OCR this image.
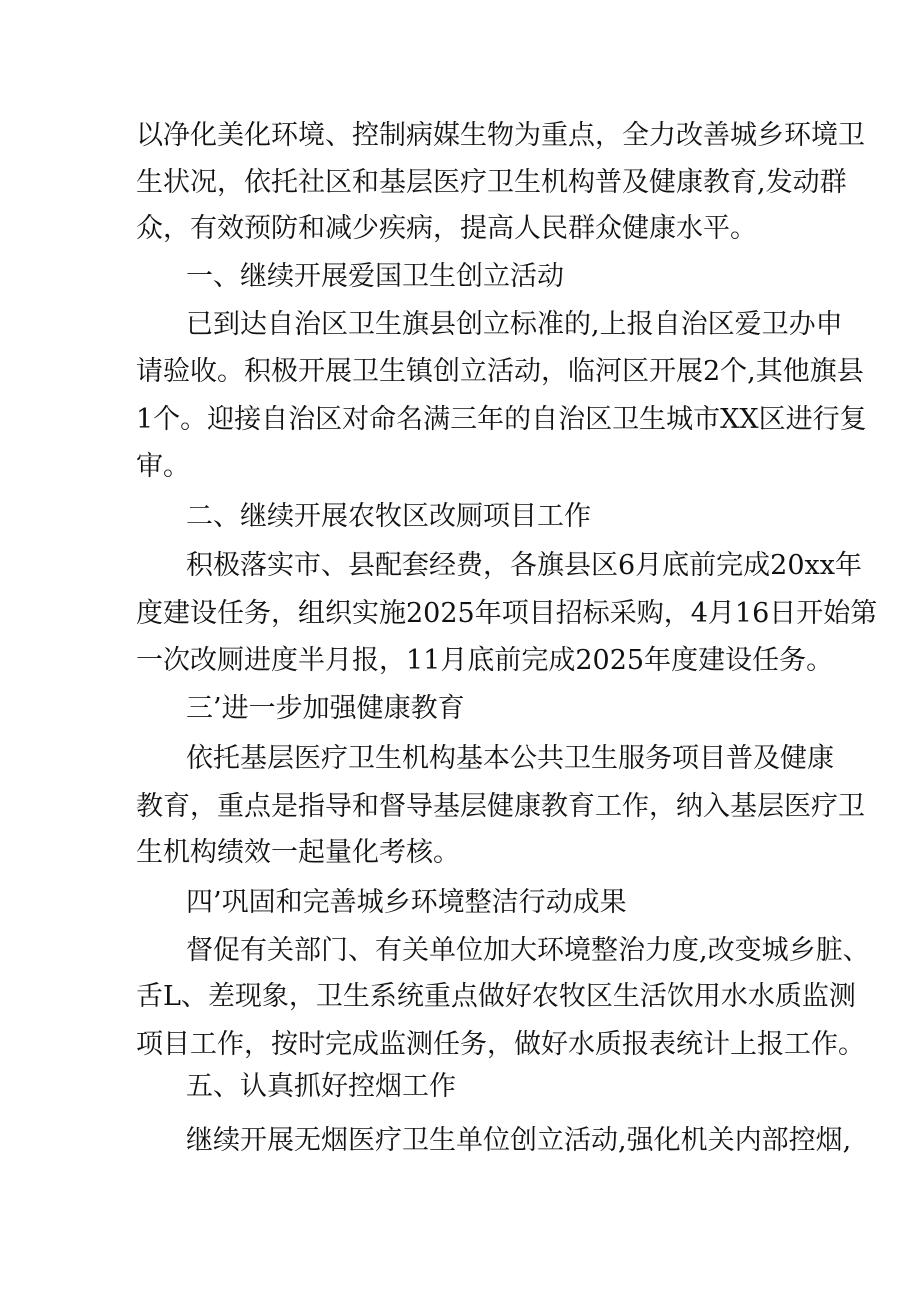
以净化美化环境、控制病媒生物为重点，全力改善城乡环境卫
生状况，依托社区和基层医疗卫生机构普及健康教育,发动群
众，有效预防和减少疾病，提高人民群众健康水平。
一、继续开展爱国卫生创立活动
已到达自治区卫生旗县创立标准的,上报自治区爱卫办申
请验收。积极开展卫生镇创立活动，临河区开展2个,其他旗县
1个。迎接自治区对命名满三年的自治区卫生城市XX区进行复
审。
二、继续开展农牧区改厕项目工作
积极落实市、县配套经费，各旗县区6月底前完成20xx年
度建设任务，组织实施2025年项目招标采购，4月16日开始第
一次改厕进度半月报，11月底前完成2025年度建设任务。
三’进一步加强健康教育
依托基层医疗卫生机构基本公共卫生服务项目普及健康
教育，重点是指导和督导基层健康教育工作，纳入基层医疗卫
生机构绩效一起量化考核。
四’巩固和完善城乡环境整洁行动成果
督促有关部门、有关单位加大环境整治力度,改变城乡脏、
舌L、差现象，卫生系统重点做好农牧区生活饮用水水质监测
项目工作，按时完成监测任务，做好水质报表统计上报工作。
五、认真抓好控烟工作
继续开展无烟医疗卫生单位创立活动,强化机关内部控烟,
